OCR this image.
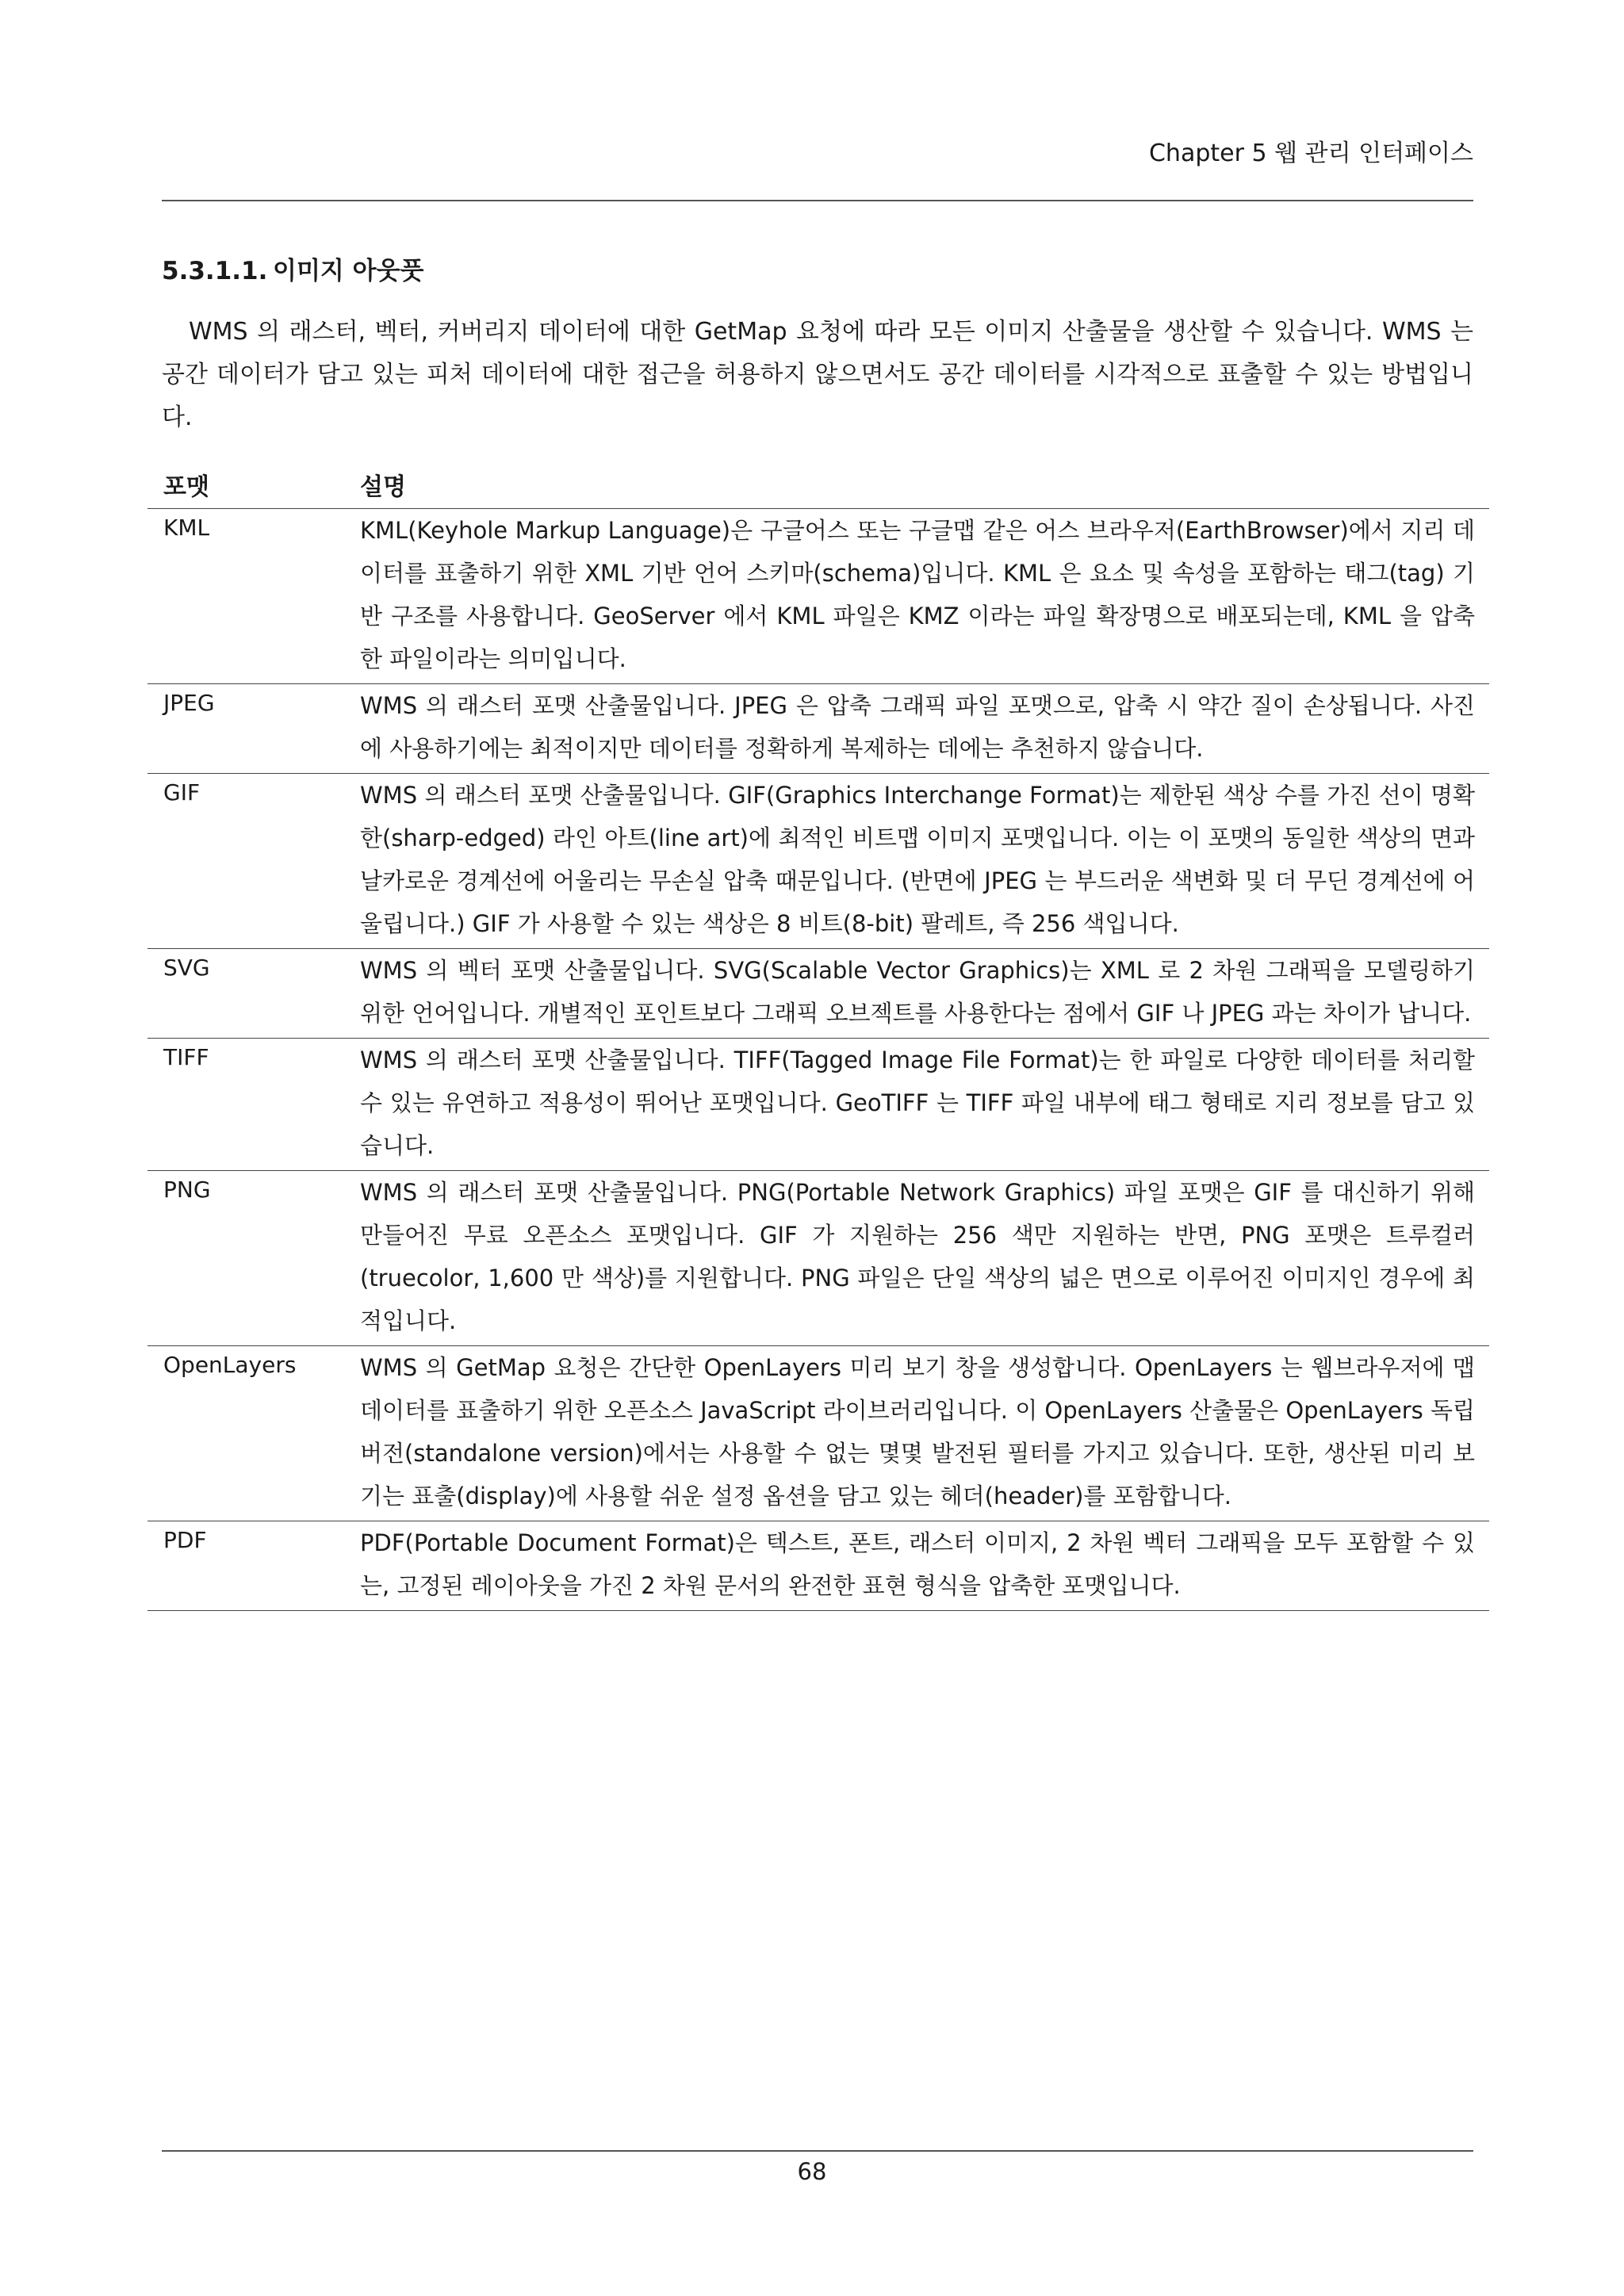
Chapter 5 웹 관리 인터페이스
5.3.1.1. 이미지 아웃풋
WMS 의 래스터, 벡터, 커버리지 데이터에 대한 GetMap 요청에 따라 모든 이미지 산출물을 생산할 수 있습니다. WMS 는 공간 데이터가 담고 있는 피처 데이터에 대한 접근을 허용하지 않으면서도 공간 데이터를 시각적으로 표출할 수 있는 방법입니다.
포맷	설명
KML	KML(Keyhole Markup Language)은 구글어스 또는 구글맵 같은 어스 브라우저(EarthBrowser)에서 지리 데이터를 표출하기 위한 XML 기반 언어 스키마(schema)입니다. KML 은 요소 및 속성을 포함하는 태그(tag) 기반 구조를 사용합니다. GeoServer 에서 KML 파일은 KMZ 이라는 파일 확장명으로 배포되는데, KML 을 압축한 파일이라는 의미입니다.
JPEG	WMS 의 래스터 포맷 산출물입니다. JPEG 은 압축 그래픽 파일 포맷으로, 압축 시 약간 질이 손상됩니다. 사진에 사용하기에는 최적이지만 데이터를 정확하게 복제하는 데에는 추천하지 않습니다.
GIF	WMS 의 래스터 포맷 산출물입니다. GIF(Graphics Interchange Format)는 제한된 색상 수를 가진 선이 명확한(sharp-edged) 라인 아트(line art)에 최적인 비트맵 이미지 포맷입니다. 이는 이 포맷의 동일한 색상의 면과 날카로운 경계선에 어울리는 무손실 압축 때문입니다. (반면에 JPEG 는 부드러운 색변화 및 더 무딘 경계선에 어울립니다.) GIF 가 사용할 수 있는 색상은 8 비트(8-bit) 팔레트, 즉 256 색입니다.
SVG	WMS 의 벡터 포맷 산출물입니다. SVG(Scalable Vector Graphics)는 XML 로 2 차원 그래픽을 모델링하기 위한 언어입니다. 개별적인 포인트보다 그래픽 오브젝트를 사용한다는 점에서 GIF 나 JPEG 과는 차이가 납니다.
TIFF	WMS 의 래스터 포맷 산출물입니다. TIFF(Tagged Image File Format)는 한 파일로 다양한 데이터를 처리할 수 있는 유연하고 적용성이 뛰어난 포맷입니다. GeoTIFF 는 TIFF 파일 내부에 태그 형태로 지리 정보를 담고 있습니다.
PNG	WMS 의 래스터 포맷 산출물입니다. PNG(Portable Network Graphics) 파일 포맷은 GIF 를 대신하기 위해 만들어진 무료 오픈소스 포맷입니다. GIF 가 지원하는 256 색만 지원하는 반면, PNG 포맷은 트루컬러(truecolor, 1,600 만 색상)를 지원합니다. PNG 파일은 단일 색상의 넓은 면으로 이루어진 이미지인 경우에 최적입니다.
OpenLayers	WMS 의 GetMap 요청은 간단한 OpenLayers 미리 보기 창을 생성합니다. OpenLayers 는 웹브라우저에 맵 데이터를 표출하기 위한 오픈소스 JavaScript 라이브러리입니다. 이 OpenLayers 산출물은 OpenLayers 독립 버전(standalone version)에서는 사용할 수 없는 몇몇 발전된 필터를 가지고 있습니다. 또한, 생산된 미리 보기는 표출(display)에 사용할 쉬운 설정 옵션을 담고 있는 헤더(header)를 포함합니다.
PDF	PDF(Portable Document Format)은 텍스트, 폰트, 래스터 이미지, 2 차원 벡터 그래픽을 모두 포함할 수 있는, 고정된 레이아웃을 가진 2 차원 문서의 완전한 표현 형식을 압축한 포맷입니다.
68
